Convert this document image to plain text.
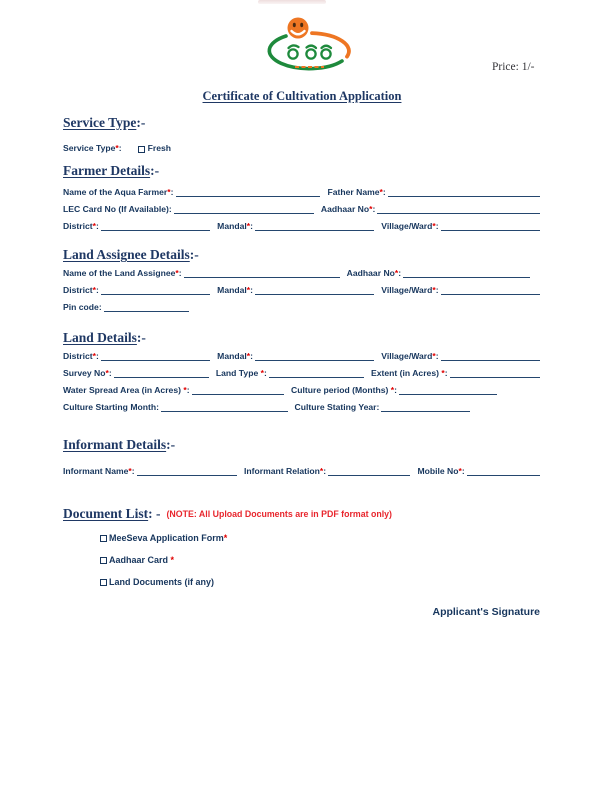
Price: 1/-
Certificate of Cultivation Application
Service Type:-
Service Type*:	Fresh
Farmer Details:-
Name of the Aqua Farmer*:	Father Name*:
LEC Card No (If Available):	Aadhaar No*:
District*:	Mandal*:	Village/Ward*:
Land Assignee Details:-
Name of the Land Assignee*:	Aadhaar No*:
District*:	Mandal*:	Village/Ward*:
Pin code:
Land Details:-
District*:	Mandal*:	Village/Ward*:
Survey No*:	Land Type *:	Extent (in Acres) *:
Water Spread Area (in Acres) *:	Culture period (Months) *:
Culture Starting Month:	Culture Stating Year:
Informant Details:-
Informant Name*:	Informant Relation*:	Mobile No*:
Document List: - (NOTE: All Upload Documents are in PDF format only)
MeeSeva Application Form*
Aadhaar Card *
Land Documents (if any)
Applicant's Signature
